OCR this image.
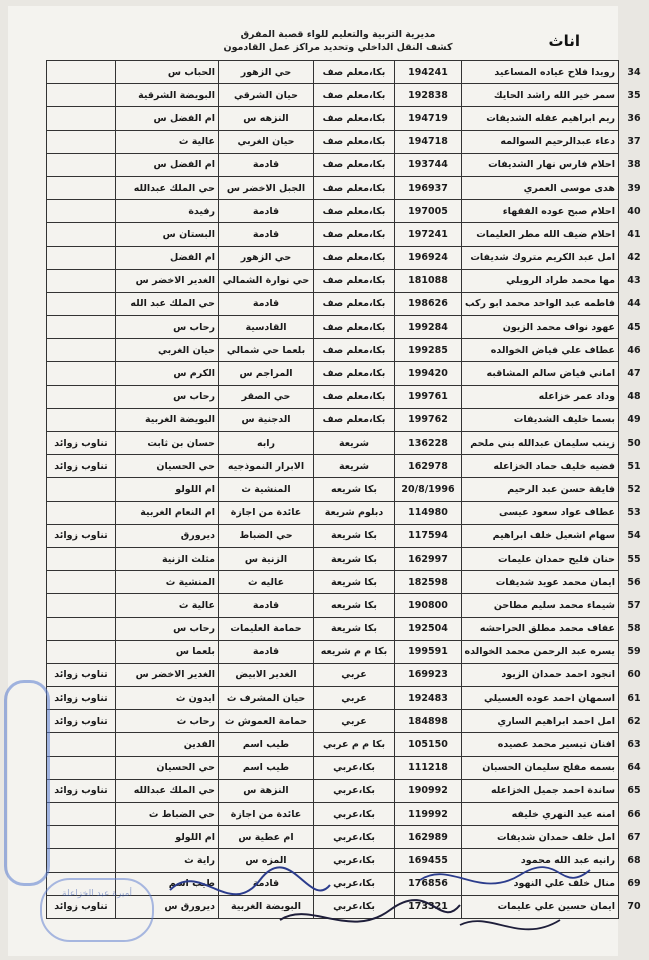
مديرية التربية والتعليم للواء قصبة المفرق
كشف النقل الداخلي وتحديد مراكز عمل القادمون	اناث
34	رويدا فلاح عياده المساعيد	194241	بكا،معلم صف	حي الزهور	الحباب س	
35	سمر خير الله راشد الحايك	192838	بكا،معلم صف	حيان الشرقي	البويضة الشرقية	
36	ريم ابراهيم عقله الشديفات	194719	بكا،معلم صف	النزهه س	ام الفضل س	
37	دعاء عبدالرحيم السوالمه	194718	بكا،معلم صف	حيان الغربي	عالية ث	
38	احلام فارس نهار الشديفات	193744	بكا،معلم صف	قادمة	ام الفضل س	
39	هدى موسى العمري	196937	بكا،معلم صف	الجبل الاخضر س	حي الملك عبدالله	
40	احلام صبح عوده الفقهاء	197005	بكا،معلم صف	قادمة	رفيدة	
41	احلام ضيف الله مطر العليمات	197241	بكا،معلم صف	قادمة	البستان س	
42	امل عبد الكريم متروك شديفات	196924	بكا،معلم صف	حي الزهور	ام الفضل	
43	مها محمد طراد الرويلي	181088	بكا،معلم صف	حي نوارة الشمالي	الغدير الاخضر س	
44	فاطمه عبد الواحد محمد ابو ركب	198626	بكا،معلم صف	قادمة	حي الملك عبد الله	
45	عهود نواف محمد الزيون	199284	بكا،معلم صف	القادسية	رحاب س	
46	عطاف علي فياض الخوالده	199285	بكا،معلم صف	بلعما حي شمالي	حيان الغربي	
47	اماني فياض سالم المشاقبه	199420	بكا،معلم صف	المراجم س	الكرم س	
48	وداد عمر خزاعله	199761	بكا،معلم صف	حي الصقر	رحاب س	
49	بسما خليف الشديفات	199762	بكا،معلم صف	الدجنية س	البويضة الغربية	
50	زينب سليمان عبدالله بني ملحم	136228	شريعة	رابه	حسان بن ثابت	تناوب زوائد
51	فضيه خليف حماد الخزاعله	162978	شريعة	الابرار النموذجيه	حي الحسيان	تناوب زوائد
52	فايقة حسن عبد الرحيم	20/8/1996	بكا شريعه	المنشية ث	ام اللولو	
53	عطاف عواد سعود عيسى	114980	دبلوم شريعة	عائدة من اجازة	ام النعام الغربية	
54	سهام اشعيل خلف ابراهيم	117594	بكا شريعة	حي الضباط	ديرورق	تناوب زوائد
55	حنان فليح حمدان عليمات	162997	بكا شريعة	الزنية س	مثلث الزنية	
56	ايمان محمد عويد شديفات	182598	بكا شريعة	عاليه ث	المنشية ث	
57	شيماء محمد سليم مطاحن	190800	بكا شريعه	قادمة	عالية ث	
58	عفاف محمد مطلق الحراحشه	192504	بكا شريعة	حمامة العليمات	رحاب س	
59	يسره عبد الرحمن محمد الخوالده	199591	بكا م م شريعه	قادمة	بلعما س	
60	انجود احمد حمدان الزيود	169923	عربي	الغدير الابيض	الغدير الاخضر س	تناوب زوائد
61	اسمهان احمد عوده العسيلي	192483	عربي	حيان المشرف ث	ايدون ث	تناوب زوائد
62	امل احمد ابراهيم الساري	184898	عربي	حمامة العموش ث	رحاب ث	تناوب زوائد
63	افنان تيسير محمد عصيده	105150	بكا م م عربي	طيب اسم	الفدين	
64	بسمه مفلح سليمان الحسبان	111218	بكا،عربي	طيب اسم	حي الحسيان	
65	ساندة احمد جميل الخزاعله	190992	بكا،عربي	النزهة س	حي الملك عبدالله	تناوب زوائد
66	امنه عيد النهري خليفه	119992	بكا،عربي	عائدة من اجازة	حي الضباط ث	
67	امل خلف حمدان شديفات	162989	بكا،عربي	ام عطية س	ام اللولو	
68	رانيه عبد الله محمود	169455	بكا،عربي	المزه س	راية ث	
69	منال خلف علي النهود	176856	بكا،عربي	قادمة	طيب اسم	
70	ايمان حسين علي عليمات	173321	بكا،عربي	البويضة الغربية	ديرورق س	تناوب زوائد
أميرة عبد الخزاعلة
